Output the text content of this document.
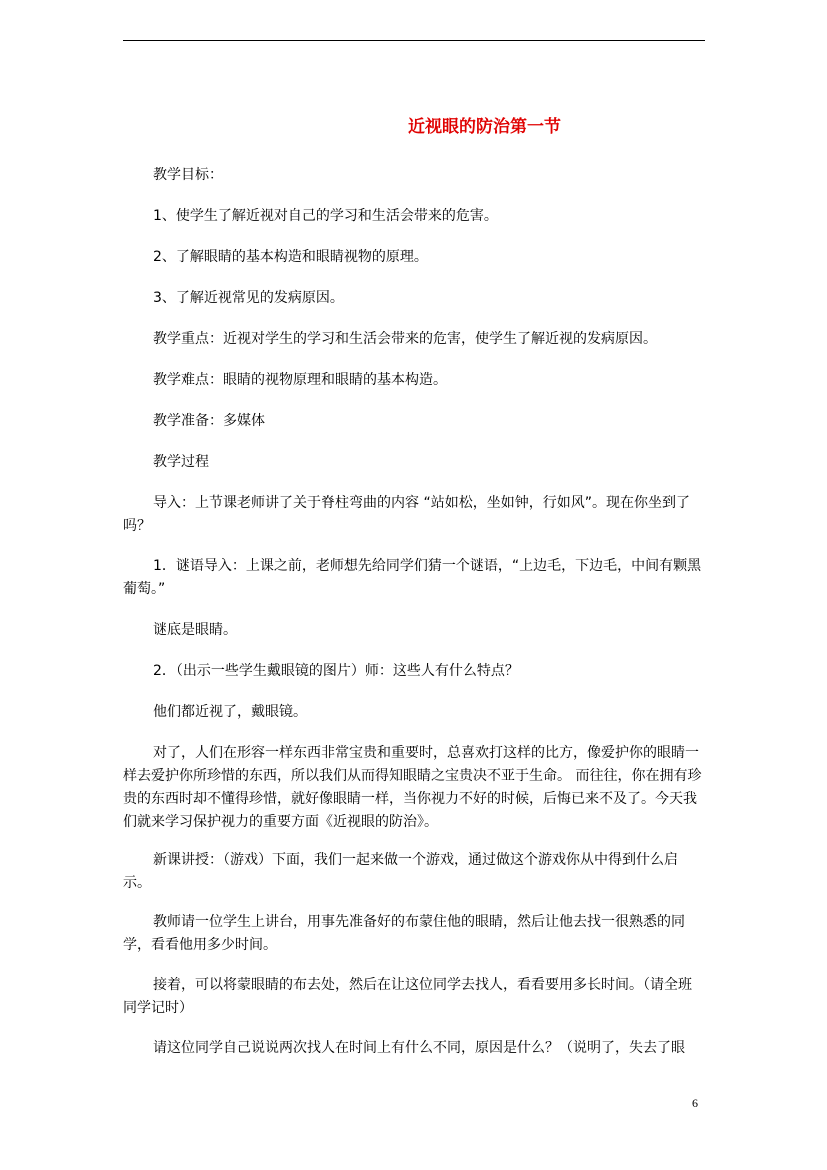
近视眼的防治第一节
教学目标：
1、使学生了解近视对自己的学习和生活会带来的危害。
2、了解眼睛的基本构造和眼睛视物的原理。
3、了解近视常见的发病原因。
教学重点：近视对学生的学习和生活会带来的危害，使学生了解近视的发病原因。
教学难点：眼睛的视物原理和眼睛的基本构造。
教学准备：多媒体
教学过程
导入：上节课老师讲了关于脊柱弯曲的内容 “站如松，坐如钟，行如风”。现在你坐到了吗？
1．谜语导入：上课之前，老师想先给同学们猜一个谜语，“上边毛，下边毛，中间有颗黑葡萄。”
谜底是眼睛。
2．（出示一些学生戴眼镜的图片）师：这些人有什么特点？
他们都近视了，戴眼镜。
对了，人们在形容一样东西非常宝贵和重要时，总喜欢打这样的比方，像爱护你的眼睛一样去爱护你所珍惜的东西，所以我们从而得知眼睛之宝贵决不亚于生命。 而往往，你在拥有珍贵的东西时却不懂得珍惜，就好像眼睛一样，当你视力不好的时候，后悔已来不及了。今天我们就来学习保护视力的重要方面《近视眼的防治》。
新课讲授：（游戏）下面，我们一起来做一个游戏，通过做这个游戏你从中得到什么启示。
教师请一位学生上讲台，用事先准备好的布蒙住他的眼睛，然后让他去找一很熟悉的同学，看看他用多少时间。
接着，可以将蒙眼睛的布去处，然后在让这位同学去找人，看看要用多长时间。（请全班同学记时）
请这位同学自己说说两次找人在时间上有什么不同，原因是什么？（说明了，失去了眼
6
